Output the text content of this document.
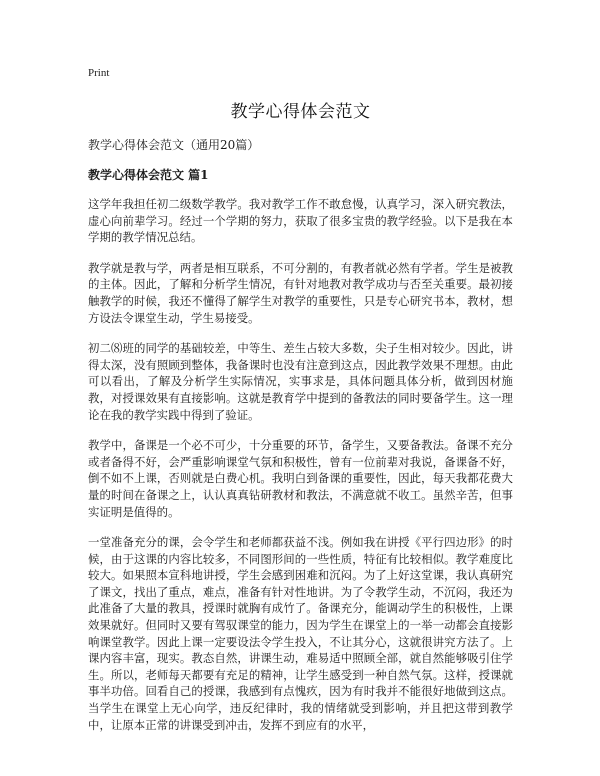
Print
教学心得体会范文
教学心得体会范文（通用20篇）
教学心得体会范文 篇1

这学年我担任初二级数学教学。我对教学工作不敢怠慢，认真学习，深入研究教法，虚心向前辈学习。经过一个学期的努力，获取了很多宝贵的教学经验。以下是我在本学期的教学情况总结。

教学就是教与学，两者是相互联系，不可分割的，有教者就必然有学者。学生是被教的主体。因此，了解和分析学生情况，有针对地教对教学成功与否至关重要。最初接触教学的时候，我还不懂得了解学生对教学的重要性，只是专心研究书本，教材，想方设法令课堂生动，学生易接受。

初二⑻班的同学的基础较差，中等生、差生占较大多数，尖子生相对较少。因此，讲得太深，没有照顾到整体，我备课时也没有注意到这点，因此教学效果不理想。由此可以看出，了解及分析学生实际情况，实事求是，具体问题具体分析，做到因材施教，对授课效果有直接影响。这就是教育学中提到的备教法的同时要备学生。这一理论在我的教学实践中得到了验证。

教学中，备课是一个必不可少，十分重要的环节，备学生，又要备教法。备课不充分或者备得不好，会严重影响课堂气氛和积极性，曾有一位前辈对我说，备课备不好，倒不如不上课，否则就是白费心机。我明白到备课的重要性，因此，每天我都花费大量的时间在备课之上，认认真真钻研教材和教法，不满意就不收工。虽然辛苦，但事实证明是值得的。

一堂准备充分的课，会令学生和老师都获益不浅。例如我在讲授《平行四边形》的时候，由于这课的内容比较多，不同图形间的一些性质，特征有比较相似。教学难度比较大。如果照本宣科地讲授，学生会感到困难和沉闷。为了上好这堂课，我认真研究了课文，找出了重点，难点，准备有针对性地讲。为了令教学生动，不沉闷，我还为此准备了大量的教具，授课时就胸有成竹了。备课充分，能调动学生的积极性，上课效果就好。但同时又要有驾驭课堂的能力，因为学生在课堂上的一举一动都会直接影响课堂教学。因此上课一定要设法令学生投入，不让其分心，这就很讲究方法了。上课内容丰富，现实。教态自然，讲课生动，难易适中照顾全部，就自然能够吸引住学生。所以，老师每天都要有充足的精神，让学生感受到一种自然气氛。这样，授课就事半功倍。回看自己的授课，我感到有点愧疚，因为有时我并不能很好地做到这点。当学生在课堂上无心向学，违反纪律时，我的情绪就受到影响，并且把这带到教学中，让原本正常的讲课受到冲击，发挥不到应有的水平，
